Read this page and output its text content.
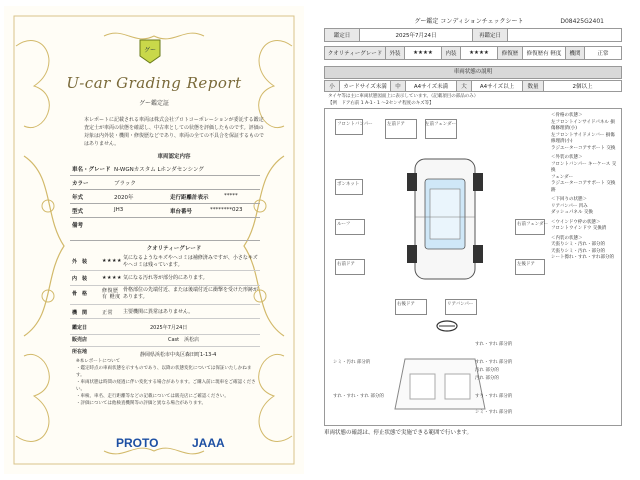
グー
U-car Grading Report
グー鑑定証
本レポートに記載される車両は株式会社プロトコーポレーションが委託する鑑定査定士が車両の状態を確認し、中古車としての状態を評価したものです。評価の対象は内外装・機関・修復歴などであり、車両の全ての不具合を保証するものではありません。
車両認定内容
車名・グレード N-WGNカスタム Lホンダセンシング
カラー	ブラック
年式	2020年	走行距離計表示	*****
型式	JH3	車台番号	********023
備考
クオリティーグレード
外　装	★★★★ 気になるようなキズやヘコミは補修済みですが、小さなキズやヘコミは残っています。
内　装	★★★★ 気になる汚れ等が部分的にあります。
骨　格	修復歴有 軽度
骨格部位の先端付近、または後端付近に衝撃を受けた形跡があります。
機　関	正常 主要機関に異常はありません。
鑑定日	2025年7月24日
販売店	Cast　浜松店
所在地	静岡県浜松市中央区森田町1-13-4
※本レポートについて
・鑑定時点の車両状態を示すものであり、以降の状態変化については保証いたしかねます。
・車両状態は時間の経過に伴い変化する場合があります。ご購入前に現車をご確認ください。
・車検、車名、走行距離等などの記載については販売店にご確認ください。
・評価については他検査機関等の評価と異なる場合があります。
PROTO	JAAA
グー鑑定 コンディションチェックシート	D08425G2401
鑑定日	2025年7月24日	再鑑定日
クオリティーグレード	外装	★★★★	内装	★★★★	修復歴	修復歴有 軽度	機関	正常
車両状態の説明
小	カードサイズ未満	中	A4サイズ未満	大	A4サイズ以上	数量	2個以上
タイヤ等は主に車両状態図面上に表示しています。（記載項目の部品のみ）
【例　ドア右前 1 A-1・1 ～2センチ程度のキズ等】
左前ドア	左前フェンダー
フロントバンパー
ボンネット
ルーフ	右前フェンダー
右前ドア	左後ドア
右後ドア	リアバンパー
すれ・すれ 部分的
すれ・すれ 部分的
汚れ 部分的
汚れ 部分的
すり・すれ 部分的
シミ・汚れ 部分的
すれ・すれ・すれ 部分的
シミ・すれ 部分的
＜骨格の状態＞
左フロントインサイドパネル 損傷修理済(小)
左フロントサイドメンバー 損傷修理済(小)
ラジエーターコアサポート 交換
＜外装の状態＞
フロントバンパー キーケース 交換
フェンダー
ラジエーターコアサポート 交換跡
＜下回りの状態＞
リアバンパー 凹み
ダッシュパネル 交換
＜ウインドウ枠の状態＞
フロントウインドウ 交換済
＜内装の状態＞
天張りシミ・汚れ・部分的
天張りシミ・汚れ・部分的
シート擦れ・すれ・すれ部分的
車両状態の確認は、停止状態で実施できる範囲で行います。
